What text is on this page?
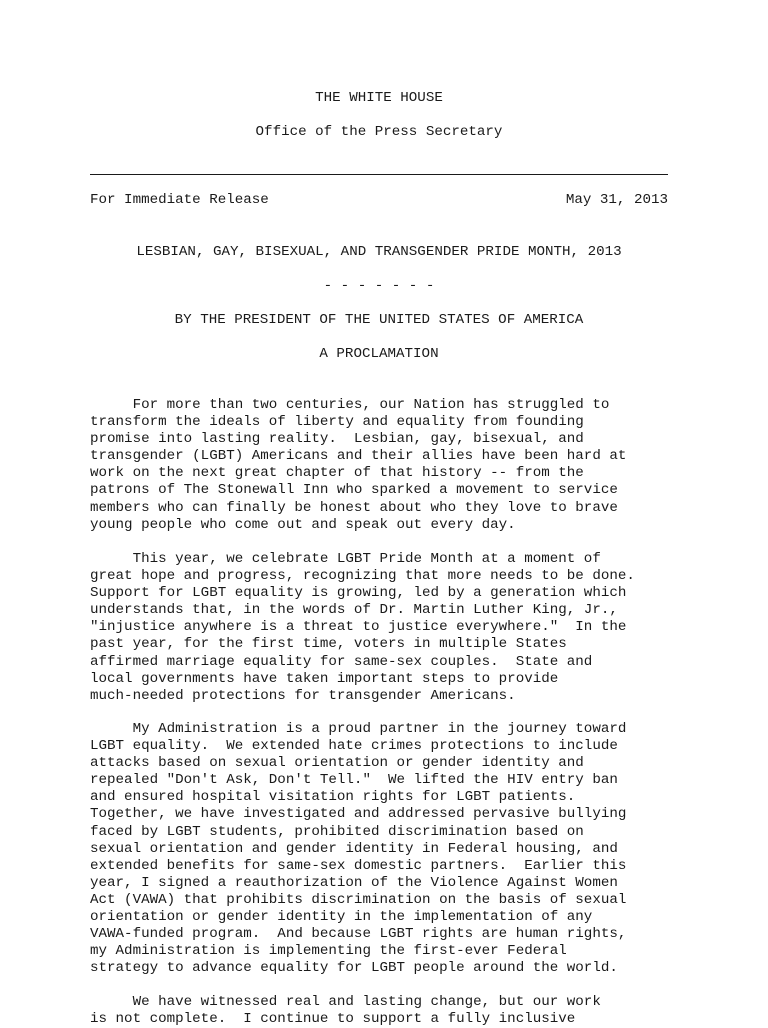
THE WHITE HOUSE
Office of the Press Secretary
For Immediate Release	May 31, 2013
LESBIAN, GAY, BISEXUAL, AND TRANSGENDER PRIDE MONTH, 2013
- - - - - - -
BY THE PRESIDENT OF THE UNITED STATES OF AMERICA
A PROCLAMATION

For more than two centuries, our Nation has struggled to
transform the ideals of liberty and equality from founding
promise into lasting reality.  Lesbian, gay, bisexual, and
transgender (LGBT) Americans and their allies have been hard at
work on the next great chapter of that history -- from the
patrons of The Stonewall Inn who sparked a movement to service
members who can finally be honest about who they love to brave
young people who come out and speak out every day.

This year, we celebrate LGBT Pride Month at a moment of
great hope and progress, recognizing that more needs to be done.
Support for LGBT equality is growing, led by a generation which
understands that, in the words of Dr. Martin Luther King, Jr.,
"injustice anywhere is a threat to justice everywhere."  In the
past year, for the first time, voters in multiple States
affirmed marriage equality for same-sex couples.  State and
local governments have taken important steps to provide
much-needed protections for transgender Americans.

My Administration is a proud partner in the journey toward
LGBT equality.  We extended hate crimes protections to include
attacks based on sexual orientation or gender identity and
repealed "Don't Ask, Don't Tell."  We lifted the HIV entry ban
and ensured hospital visitation rights for LGBT patients.
Together, we have investigated and addressed pervasive bullying
faced by LGBT students, prohibited discrimination based on
sexual orientation and gender identity in Federal housing, and
extended benefits for same-sex domestic partners.  Earlier this
year, I signed a reauthorization of the Violence Against Women
Act (VAWA) that prohibits discrimination on the basis of sexual
orientation or gender identity in the implementation of any
VAWA-funded program.  And because LGBT rights are human rights,
my Administration is implementing the first-ever Federal
strategy to advance equality for LGBT people around the world.

We have witnessed real and lasting change, but our work
is not complete.  I continue to support a fully inclusive
